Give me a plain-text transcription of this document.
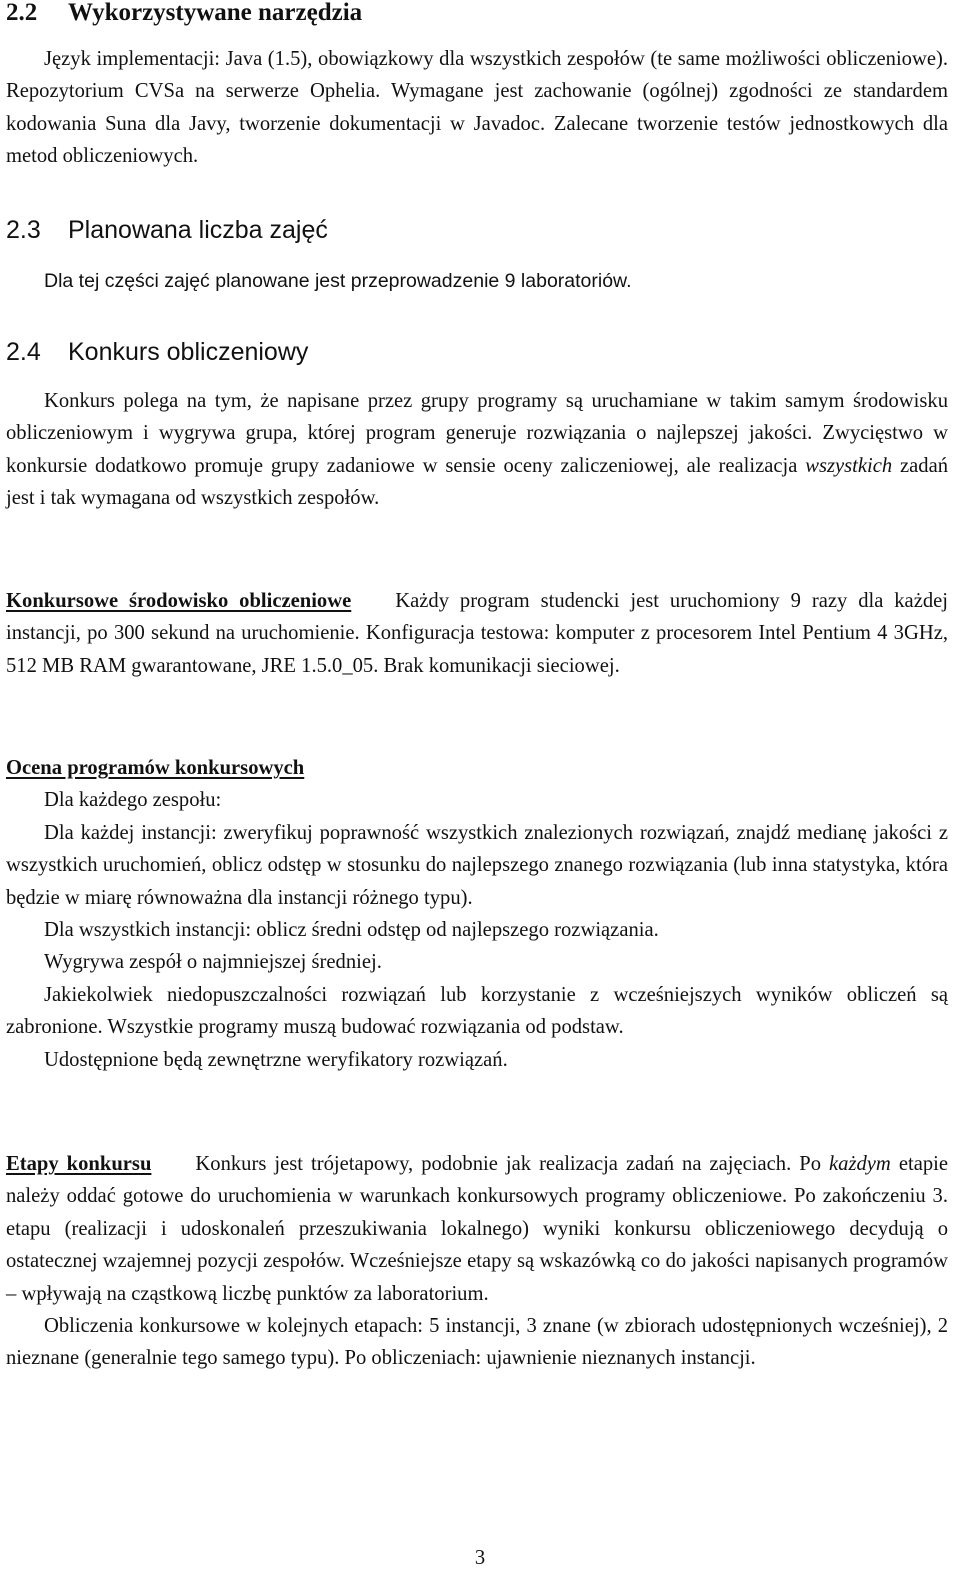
2.2 Wykorzystywane narzędzia

Język implementacji: Java (1.5), obowiązkowy dla wszystkich zespołów (te same możliwości obliczeniowe). Repozytorium CVSa na serwerze Ophelia. Wymagane jest zachowanie (ogólnej) zgodności ze standardem kodowania Suna dla Javy, tworzenie dokumentacji w Javadoc. Zalecane tworzenie testów jednostkowych dla metod obliczeniowych.

2.3 Planowana liczba zajęć

Dla tej części zajęć planowane jest przeprowadzenie 9 laboratoriów.

2.4 Konkurs obliczeniowy

Konkurs polega na tym, że napisane przez grupy programy są uruchamiane w takim samym środowisku obliczeniowym i wygrywa grupa, której program generuje rozwiązania o najlepszej jakości. Zwycięstwo w konkursie dodatkowo promuje grupy zadaniowe w sensie oceny zaliczeniowej, ale realizacja wszystkich zadań jest i tak wymagana od wszystkich zespołów.

Konkursowe środowisko obliczeniowe Każdy program studencki jest uruchomiony 9 razy dla każdej instancji, po 300 sekund na uruchomienie. Konfiguracja testowa: komputer z procesorem Intel Pentium 4 3GHz, 512 MB RAM gwarantowane, JRE 1.5.0_05. Brak komunikacji sieciowej.

Ocena programów konkursowych

Dla każdego zespołu:

Dla każdej instancji: zweryfikuj poprawność wszystkich znalezionych rozwiązań, znajdź medianę jakości z wszystkich uruchomień, oblicz odstęp w stosunku do najlepszego znanego rozwiązania (lub inna statystyka, która będzie w miarę równoważna dla instancji różnego typu).

Dla wszystkich instancji: oblicz średni odstęp od najlepszego rozwiązania.

Wygrywa zespół o najmniejszej średniej.

Jakiekolwiek niedopuszczalności rozwiązań lub korzystanie z wcześniejszych wyników obliczeń są zabronione. Wszystkie programy muszą budować rozwiązania od podstaw.

Udostępnione będą zewnętrzne weryfikatory rozwiązań.

Etapy konkursu Konkurs jest trójetapowy, podobnie jak realizacja zadań na zajęciach. Po każdym etapie należy oddać gotowe do uruchomienia w warunkach konkursowych programy obliczeniowe. Po zakończeniu 3. etapu (realizacji i udoskonaleń przeszukiwania lokalnego) wyniki konkursu obliczeniowego decydują o ostatecznej wzajemnej pozycji zespołów. Wcześniejsze etapy są wskazówką co do jakości napisanych programów – wpływają na cząstkową liczbę punktów za laboratorium.

Obliczenia konkursowe w kolejnych etapach: 5 instancji, 3 znane (w zbiorach udostępnionych wcześniej), 2 nieznane (generalnie tego samego typu). Po obliczeniach: ujawnienie nieznanych instancji.

3
